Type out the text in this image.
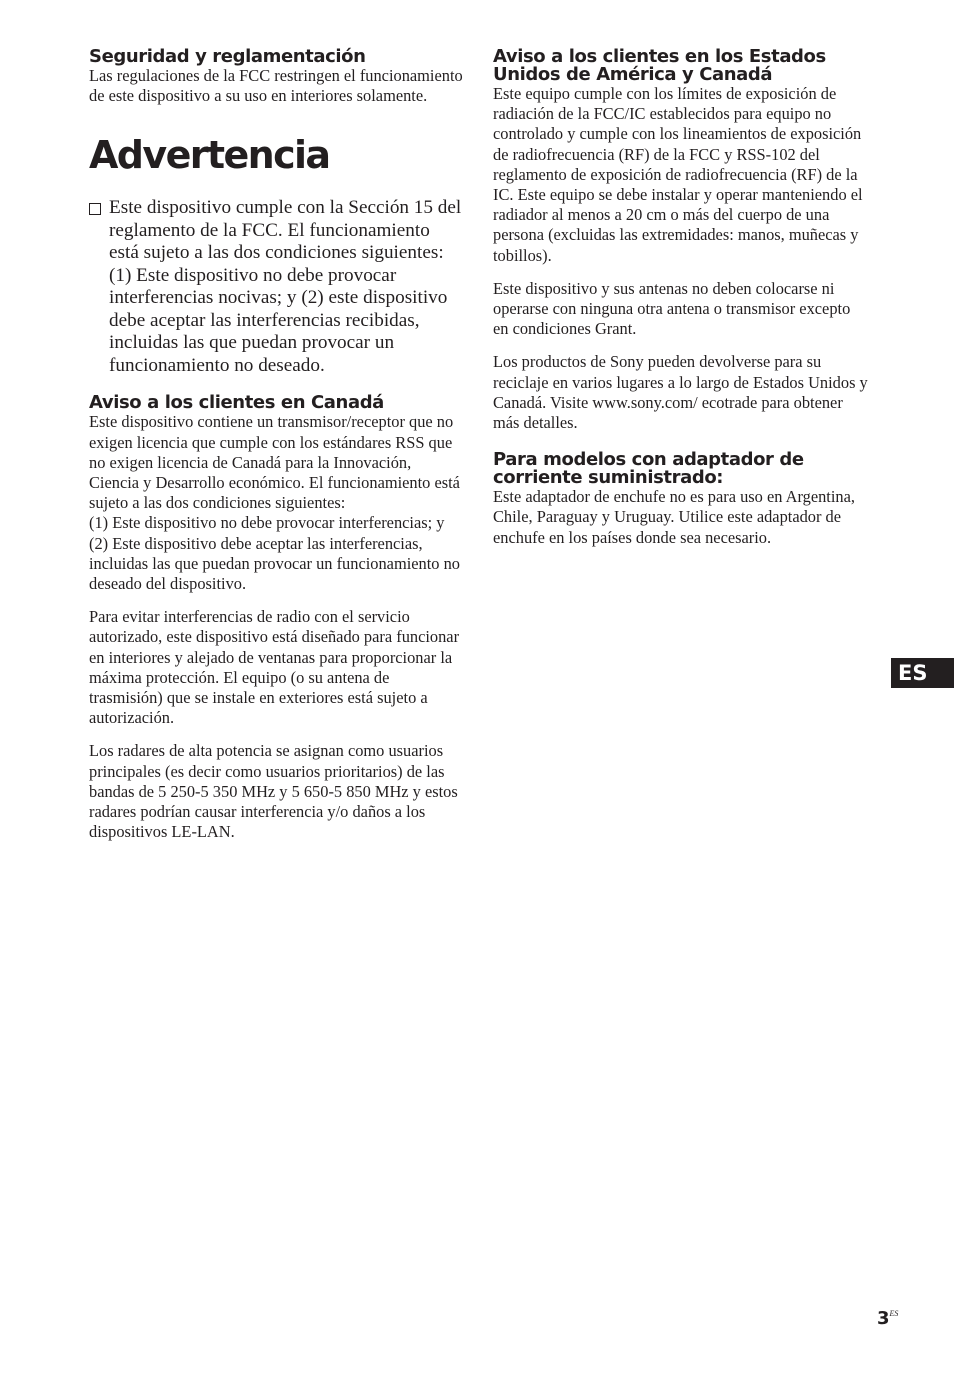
Seguridad y reglamentación

Las regulaciones de la FCC restringen el funcionamiento de este dispositivo a su uso en interiores solamente.

Advertencia

Este dispositivo cumple con la Sección 15 del reglamento de la FCC. El funcionamiento está sujeto a las dos condiciones siguientes: (1) Este dispositivo no debe provocar interferencias nocivas; y (2) este dispositivo debe aceptar las interferencias recibidas, incluidas las que puedan provocar un funcionamiento no deseado.

Aviso a los clientes en Canadá

Este dispositivo contiene un transmisor/receptor que no exigen licencia que cumple con los estándares RSS que no exigen licencia de Canadá para la Innovación, Ciencia y Desarrollo económico. El funcionamiento está sujeto a las dos condiciones siguientes:

(1) Este dispositivo no debe provocar interferencias; y

(2) Este dispositivo debe aceptar las interferencias, incluidas las que puedan provocar un funcionamiento no deseado del dispositivo.

Para evitar interferencias de radio con el servicio autorizado, este dispositivo está diseñado para funcionar en interiores y alejado de ventanas para proporcionar la máxima protección. El equipo (o su antena de trasmisión) que se instale en exteriores está sujeto a autorización.

Los radares de alta potencia se asignan como usuarios principales (es decir como usuarios prioritarios) de las bandas de 5 250-5 350 MHz y 5 650-5 850 MHz y estos radares podrían causar interferencia y/o daños a los dispositivos LE-LAN.

Aviso a los clientes en los Estados Unidos de América y Canadá

Este equipo cumple con los límites de exposición de radiación de la FCC/IC establecidos para equipo no controlado y cumple con los lineamientos de exposición de radiofrecuencia (RF) de la FCC y RSS-102 del reglamento de exposición de radiofrecuencia (RF) de la IC. Este equipo se debe instalar y operar manteniendo el radiador al menos a 20 cm o más del cuerpo de una persona (excluidas las extremidades: manos, muñecas y tobillos).

Este dispositivo y sus antenas no deben colocarse ni operarse con ninguna otra antena o transmisor excepto en condiciones Grant.

Los productos de Sony pueden devolverse para su reciclaje en varios lugares a lo largo de Estados Unidos y Canadá. Visite www.sony.com/ ecotrade para obtener más detalles.

Para modelos con adaptador de corriente suministrado:

Este adaptador de enchufe no es para uso en Argentina, Chile, Paraguay y Uruguay. Utilice este adaptador de enchufe en los países donde sea necesario.

ES
$3^{ES}$
